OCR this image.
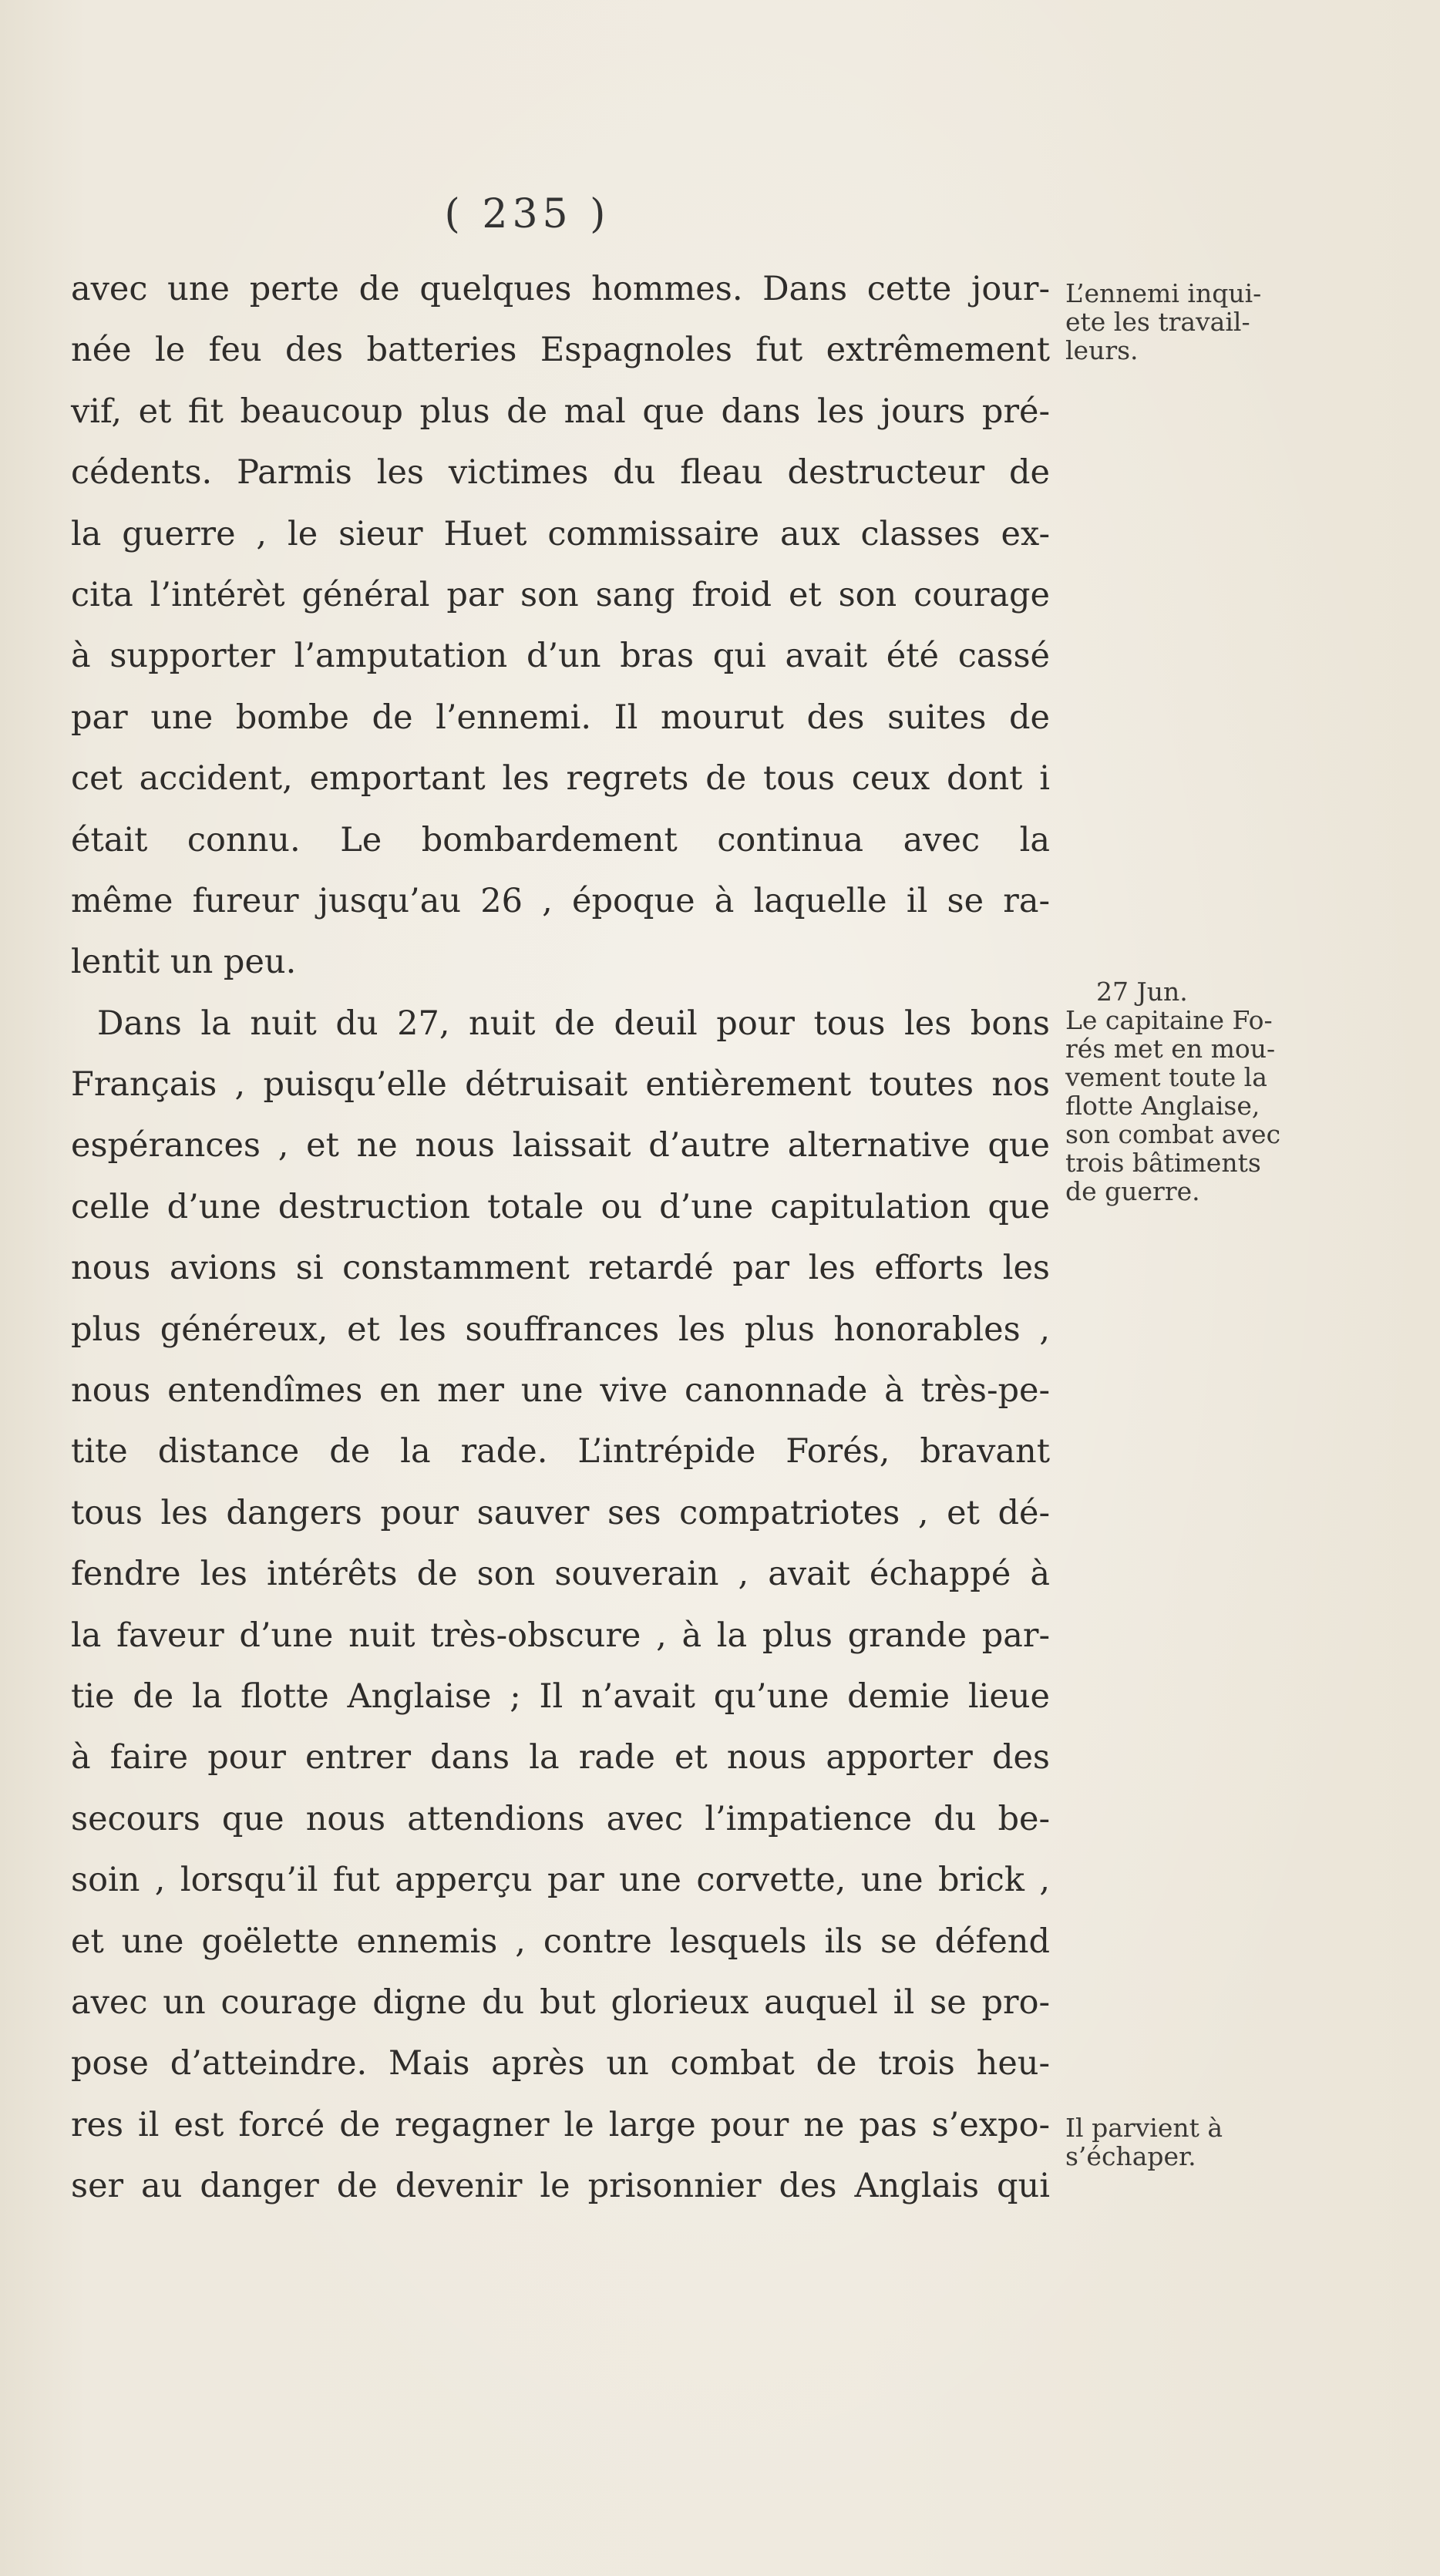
( 235 )
avec une perte de quelques hommes. Dans cette jour-
née le feu des batteries Espagnoles fut extrêmement
vif, et fit beaucoup plus de mal que dans les jours pré-
cédents. Parmis les victimes du fleau destructeur de
la guerre , le sieur Huet commissaire aux classes ex-
cita l’intérèt général par son sang froid et son courage
à supporter l’amputation d’un bras qui avait été cassé
par une bombe de l’ennemi. Il mourut des suites de
cet accident, emportant les regrets de tous ceux dont i
était connu. Le bombardement continua avec la
même fureur jusqu’au 26 , époque à laquelle il se ra-
lentit un peu.
Dans la nuit du 27, nuit de deuil pour tous les bons
Français , puisqu’elle détruisait entièrement toutes nos
espérances , et ne nous laissait d’autre alternative que
celle d’une destruction totale ou d’une capitulation que
nous avions si constamment retardé par les efforts les
plus généreux, et les souffrances les plus honorables ,
nous entendîmes en mer une vive canonnade à très-pe-
tite distance de la rade. L’intrépide Forés, bravant
tous les dangers pour sauver ses compatriotes , et dé-
fendre les intérêts de son souverain , avait échappé à
la faveur d’une nuit très-obscure , à la plus grande par-
tie de la flotte Anglaise ; Il n’avait qu’une demie lieue
à faire pour entrer dans la rade et nous apporter des
secours que nous attendions avec l’impatience du be-
soin , lorsqu’il fut apperçu par une corvette, une brick ,
et une goëlette ennemis , contre lesquels ils se défend
avec un courage digne du but glorieux auquel il se pro-
pose d’atteindre. Mais après un combat de trois heu-
res il est forcé de regagner le large pour ne pas s’expo-
ser au danger de devenir le prisonnier des Anglais qui
L’ennemi inqui-
ete les travail-
leurs.
27 Jun.
Le capitaine Fo-
rés met en mou-
vement toute la
flotte Anglaise,
son combat avec
trois bâtiments
de guerre.
Il parvient à
s’échaper.
